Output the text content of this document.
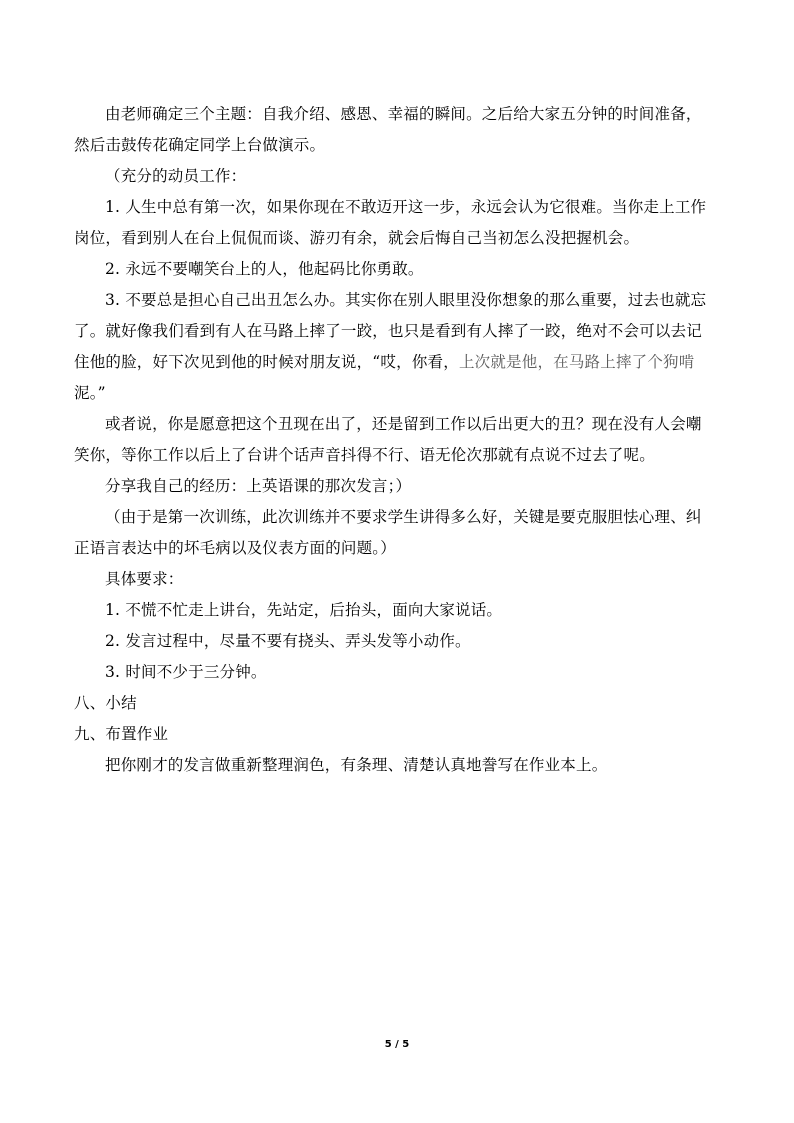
由老师确定三个主题：自我介绍、感恩、幸福的瞬间。之后给大家五分钟的时间准备，
然后击鼓传花确定同学上台做演示。
（充分的动员工作：
1. 人生中总有第一次，如果你现在不敢迈开这一步，永远会认为它很难。当你走上工作
岗位，看到别人在台上侃侃而谈、游刃有余，就会后悔自己当初怎么没把握机会。
2. 永远不要嘲笑台上的人，他起码比你勇敢。
3. 不要总是担心自己出丑怎么办。其实你在别人眼里没你想象的那么重要，过去也就忘
了。就好像我们看到有人在马路上摔了一跤，也只是看到有人摔了一跤，绝对不会可以去记
住他的脸，好下次见到他的时候对朋友说，“哎，你看，上次就是他，在马路上摔了个狗啃
泥。”
或者说，你是愿意把这个丑现在出了，还是留到工作以后出更大的丑？现在没有人会嘲
笑你，等你工作以后上了台讲个话声音抖得不行、语无伦次那就有点说不过去了呢。
分享我自己的经历：上英语课的那次发言；）
（由于是第一次训练，此次训练并不要求学生讲得多么好，关键是要克服胆怯心理、纠
正语言表达中的坏毛病以及仪表方面的问题。）
具体要求：
1. 不慌不忙走上讲台，先站定，后抬头，面向大家说话。
2. 发言过程中，尽量不要有挠头、弄头发等小动作。
3. 时间不少于三分钟。
八、小结
九、布置作业
把你刚才的发言做重新整理润色，有条理、清楚认真地誊写在作业本上。
5 / 5
